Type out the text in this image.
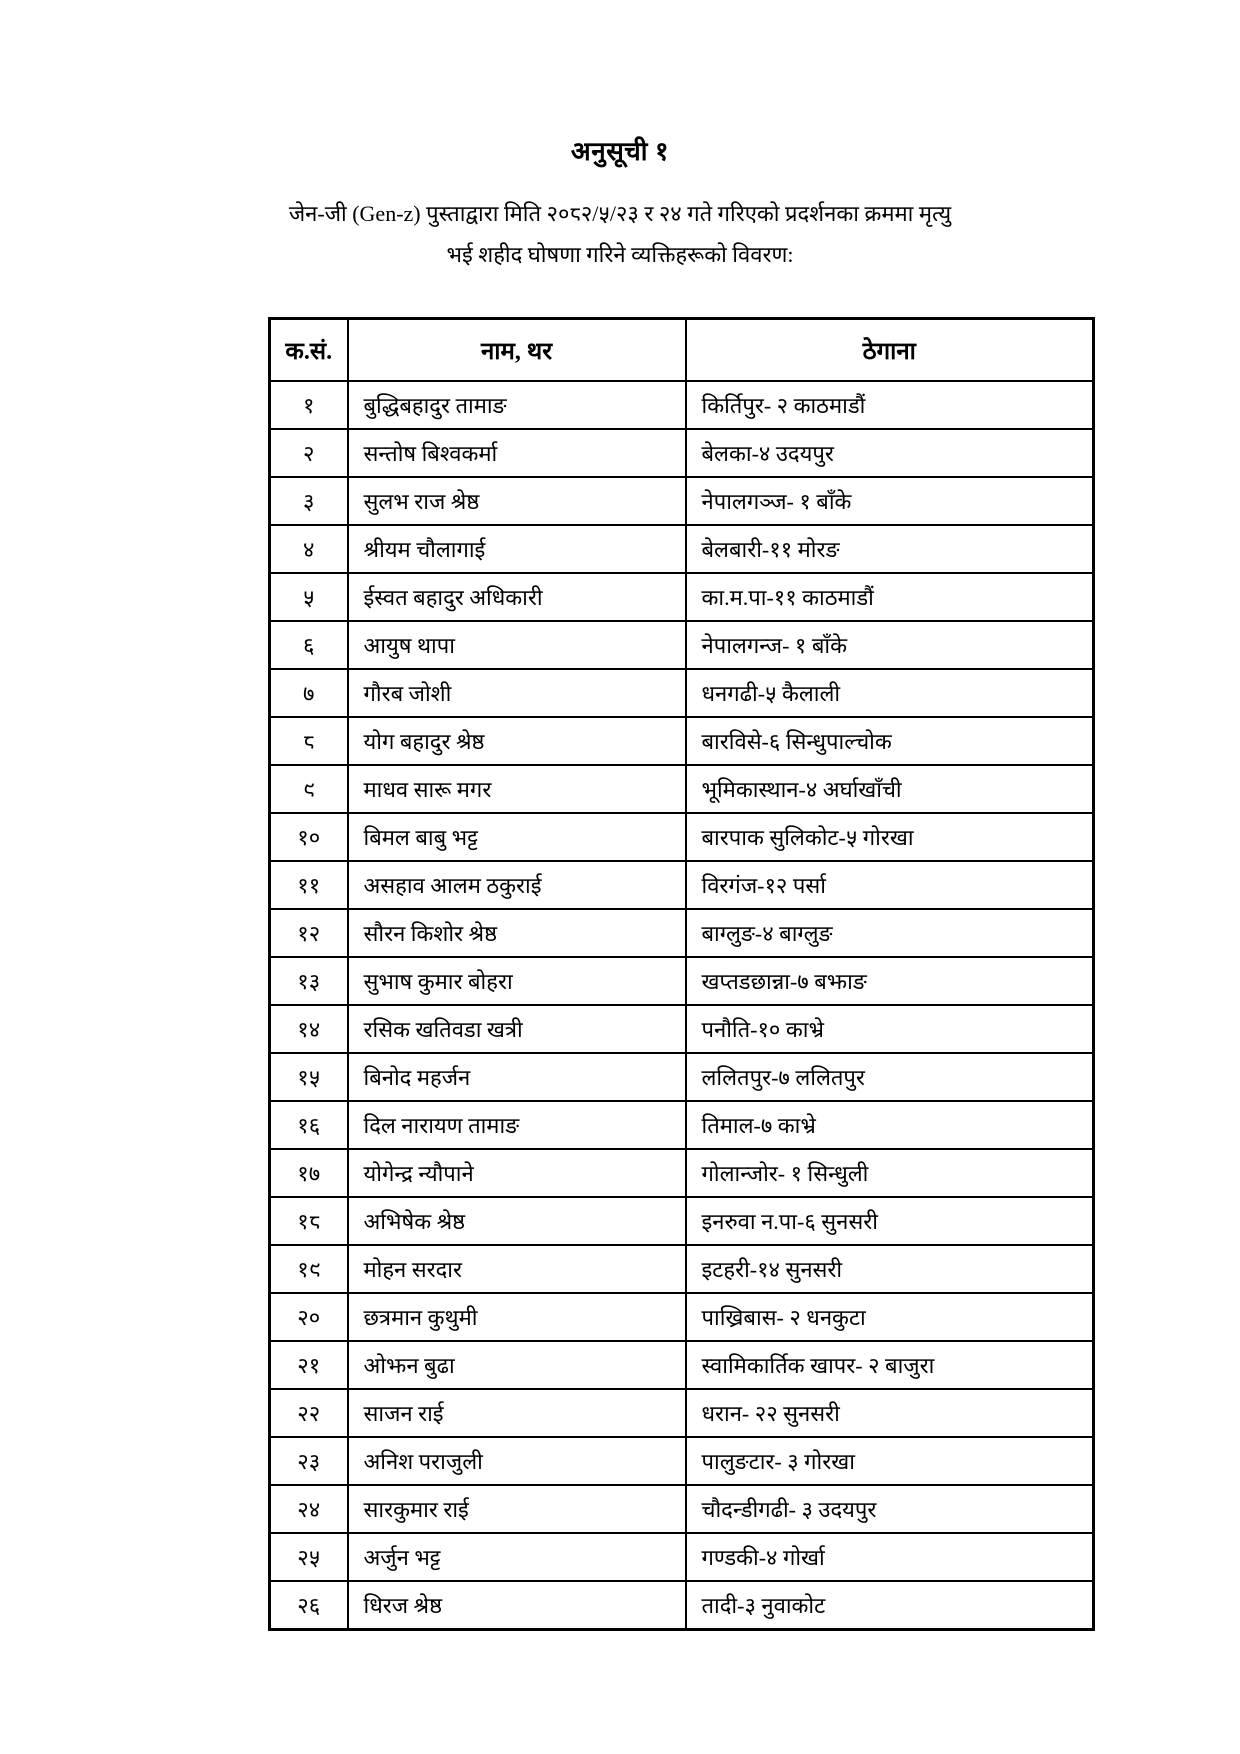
अनुसूची १
जेन-जी (Gen-z) पुस्ताद्वारा मिति २०८२/५/२३ र २४ गते गरिएको प्रदर्शनका क्रममा मृत्यु
भई शहीद घोषणा गरिने व्यक्तिहरूको विवरण:
क.सं.	नाम, थर	ठेगाना
१	बुद्धिबहादुर तामाङ	किर्तिपुर- २ काठमाडौं
२	सन्तोष बिश्वकर्मा	बेलका-४ उदयपुर
३	सुलभ राज श्रेष्ठ	नेपालगञ्ज- १ बाँके
४	श्रीयम चौलागाई	बेलबारी-११ मोरङ
५	ईस्वत बहादुर अधिकारी	का.म.पा-११ काठमाडौं
६	आयुष थापा	नेपालगन्ज- १ बाँके
७	गौरब जोशी	धनगढी-५ कैलाली
८	योग बहादुर श्रेष्ठ	बारविसे-६ सिन्धुपाल्चोक
९	माधव सारू मगर	भूमिकास्थान-४ अर्घाखाँची
१०	बिमल बाबु भट्ट	बारपाक सुलिकोट-५ गोरखा
११	असहाव आलम ठकुराई	विरगंज-१२ पर्सा
१२	सौरन किशोर श्रेष्ठ	बाग्लुङ-४ बाग्लुङ
१३	सुभाष कुमार बोहरा	खप्तडछान्ना-७ बझाङ
१४	रसिक खतिवडा खत्री	पनौति-१० काभ्रे
१५	बिनोद महर्जन	ललितपुर-७ ललितपुर
१६	दिल नारायण तामाङ	तिमाल-७ काभ्रे
१७	योगेन्द्र न्यौपाने	गोलान्जोर- १ सिन्धुली
१८	अभिषेक श्रेष्ठ	इनरुवा न.पा-६ सुनसरी
१९	मोहन सरदार	इटहरी-१४ सुनसरी
२०	छत्रमान कुथुमी	पाख्रिबास- २ धनकुटा
२१	ओझन बुढा	स्वामिकार्तिक खापर- २ बाजुरा
२२	साजन राई	धरान- २२ सुनसरी
२३	अनिश पराजुली	पालुङटार- ३ गोरखा
२४	सारकुमार राई	चौदन्डीगढी- ३ उदयपुर
२५	अर्जुन भट्ट	गण्डकी-४ गोर्खा
२६	धिरज श्रेष्ठ	तादी-३ नुवाकोट
